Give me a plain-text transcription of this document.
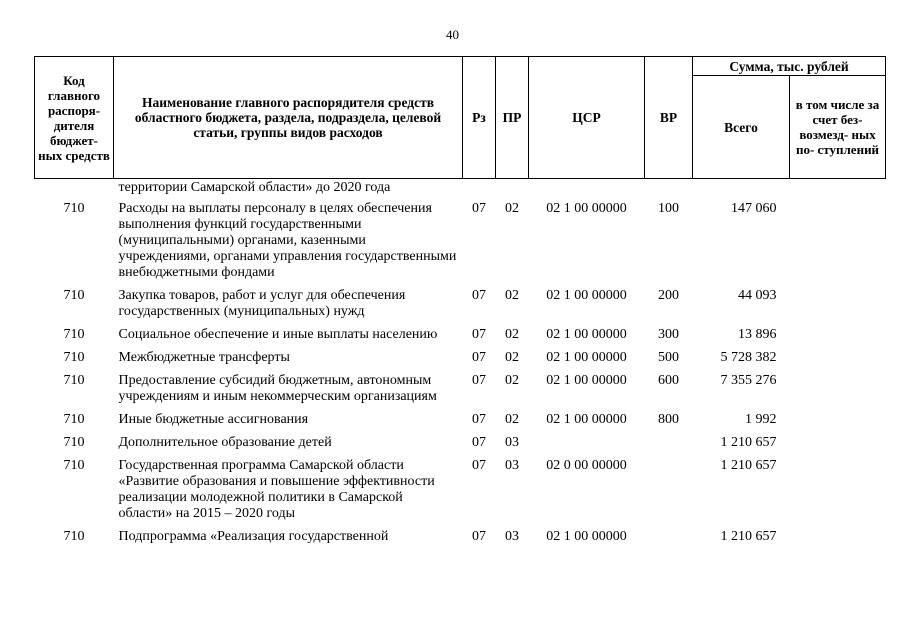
40
Код главного распоря- дителя бюджет- ных средств	Наименование главного распорядителя средств областного бюджета, раздела, подраздела, целевой статьи, группы видов расходов	Рз	ПР	ЦСР	ВР	Сумма, тыс. рублей	
						Всего	в том числе за счет без- возмезд- ных по- ступлений
	территории Самарской области» до 2020 года						
710	Расходы на выплаты персоналу в целях обеспечения выполнения функций государственными (муниципальными) органами, казенными учреждениями, органами управления государственными внебюджетными фондами	07	02	02 1 00 00000	100	147 060	
710	Закупка товаров, работ и услуг для обеспечения государственных (муниципальных) нужд	07	02	02 1 00 00000	200	44 093	
710	Социальное обеспечение и иные выплаты населению	07	02	02 1 00 00000	300	13 896	
710	Межбюджетные трансферты	07	02	02 1 00 00000	500	5 728 382	
710	Предоставление субсидий бюджетным, автономным учреждениям и иным некоммерческим организациям	07	02	02 1 00 00000	600	7 355 276	
710	Иные бюджетные ассигнования	07	02	02 1 00 00000	800	1 992	
710	Дополнительное образование детей	07	03			1 210 657	
710	Государственная программа Самарской области «Развитие образования и повышение эффективности реализации молодежной политики в Самарской области» на 2015 – 2020 годы	07	03	02 0 00 00000		1 210 657	
710	Подпрограмма «Реализация государственной	07	03	02 1 00 00000		1 210 657	
